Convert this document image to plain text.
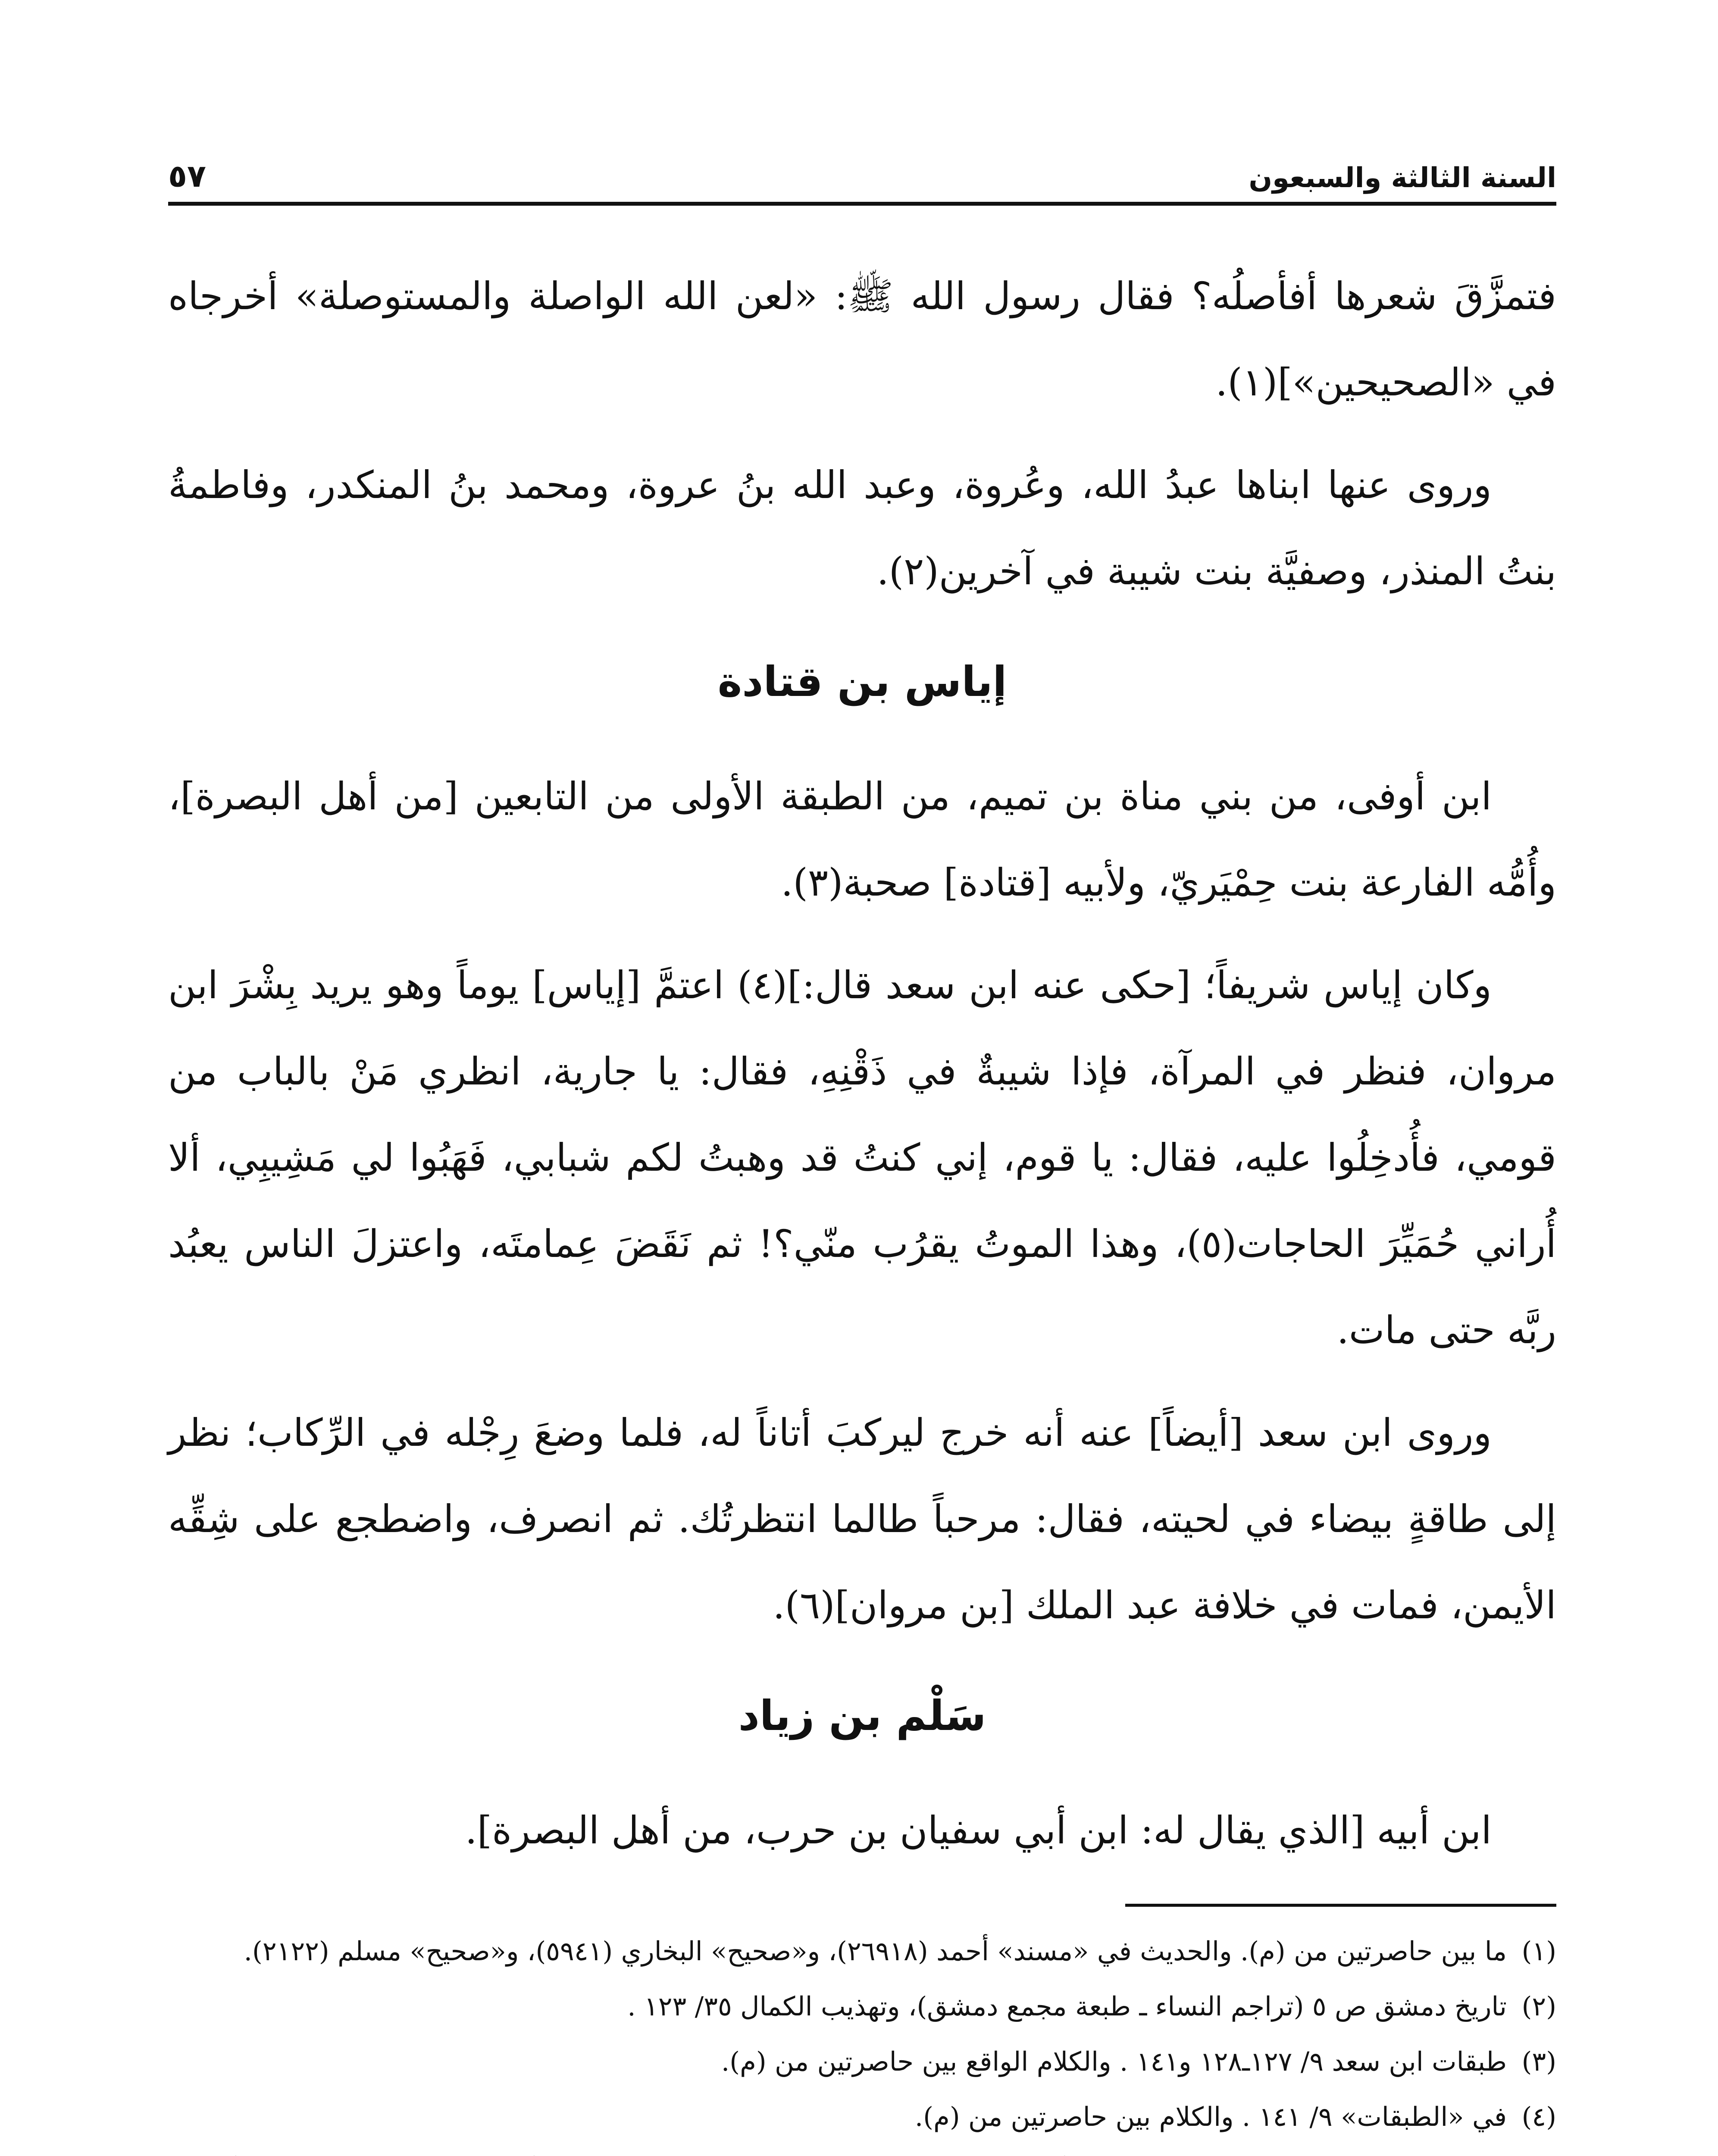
السنة الثالثة والسبعون
٥٧

فتمزَّقَ شعرها أفأصلُه؟ فقال رسول الله ﷺ: «لعن الله الواصلة والمستوصلة» أخرجاه في «الصحيحين»](١).

وروى عنها ابناها عبدُ الله، وعُروة، وعبد الله بنُ عروة، ومحمد بنُ المنكدر، وفاطمةُ بنتُ المنذر، وصفيَّة بنت شيبة في آخرين(٢).

إياس بن قتادة

ابن أوفى، من بني مناة بن تميم، من الطبقة الأولى من التابعين [من أهل البصرة]، وأُمُّه الفارعة بنت حِمْيَريّ، ولأبيه [قتادة] صحبة(٣).

وكان إياس شريفاً؛ [حكى عنه ابن سعد قال:](٤) اعتمَّ [إياس] يوماً وهو يريد بِشْرَ ابن مروان، فنظر في المرآة، فإذا شيبةٌ في ذَقْنِهِ، فقال: يا جارية، انظري مَنْ بالباب من قومي، فأُدخِلُوا عليه، فقال: يا قوم، إني كنتُ قد وهبتُ لكم شبابي، فَهَبُوا لي مَشِيبِي، ألا أُراني حُمَيِّرَ الحاجات(٥)، وهذا الموتُ يقرُب منّي؟! ثم نَقَضَ عِمامتَه، واعتزلَ الناس يعبُد ربَّه حتى مات.

وروى ابن سعد [أيضاً] عنه أنه خرج ليركبَ أتاناً له، فلما وضعَ رِجْله في الرِّكاب؛ نظر إلى طاقةٍ بيضاء في لحيته، فقال: مرحباً طالما انتظرتُك. ثم انصرف، واضطجع على شِقِّه الأيمن، فمات في خلافة عبد الملك [بن مروان](٦).

سَلْم بن زياد

ابن أبيه [الذي يقال له: ابن أبي سفيان بن حرب، من أهل البصرة].

(١)
ما بين حاصرتين من (م). والحديث في «مسند» أحمد (٢٦٩١٨)، و«صحيح» البخاري (٥٩٤١)، و«صحيح» مسلم (٢١٢٢).
(٢)
تاريخ دمشق ص ٥ (تراجم النساء ـ طبعة مجمع دمشق)، وتهذيب الكمال ٣٥/ ١٢٣ .
(٣)
طبقات ابن سعد ٩/ ١٢٧ـ١٢٨ و١٤١ . والكلام الواقع بين حاصرتين من (م).
(٤)
في «الطبقات» ٩/ ١٤١ . والكلام بين حاصرتين من (م).
